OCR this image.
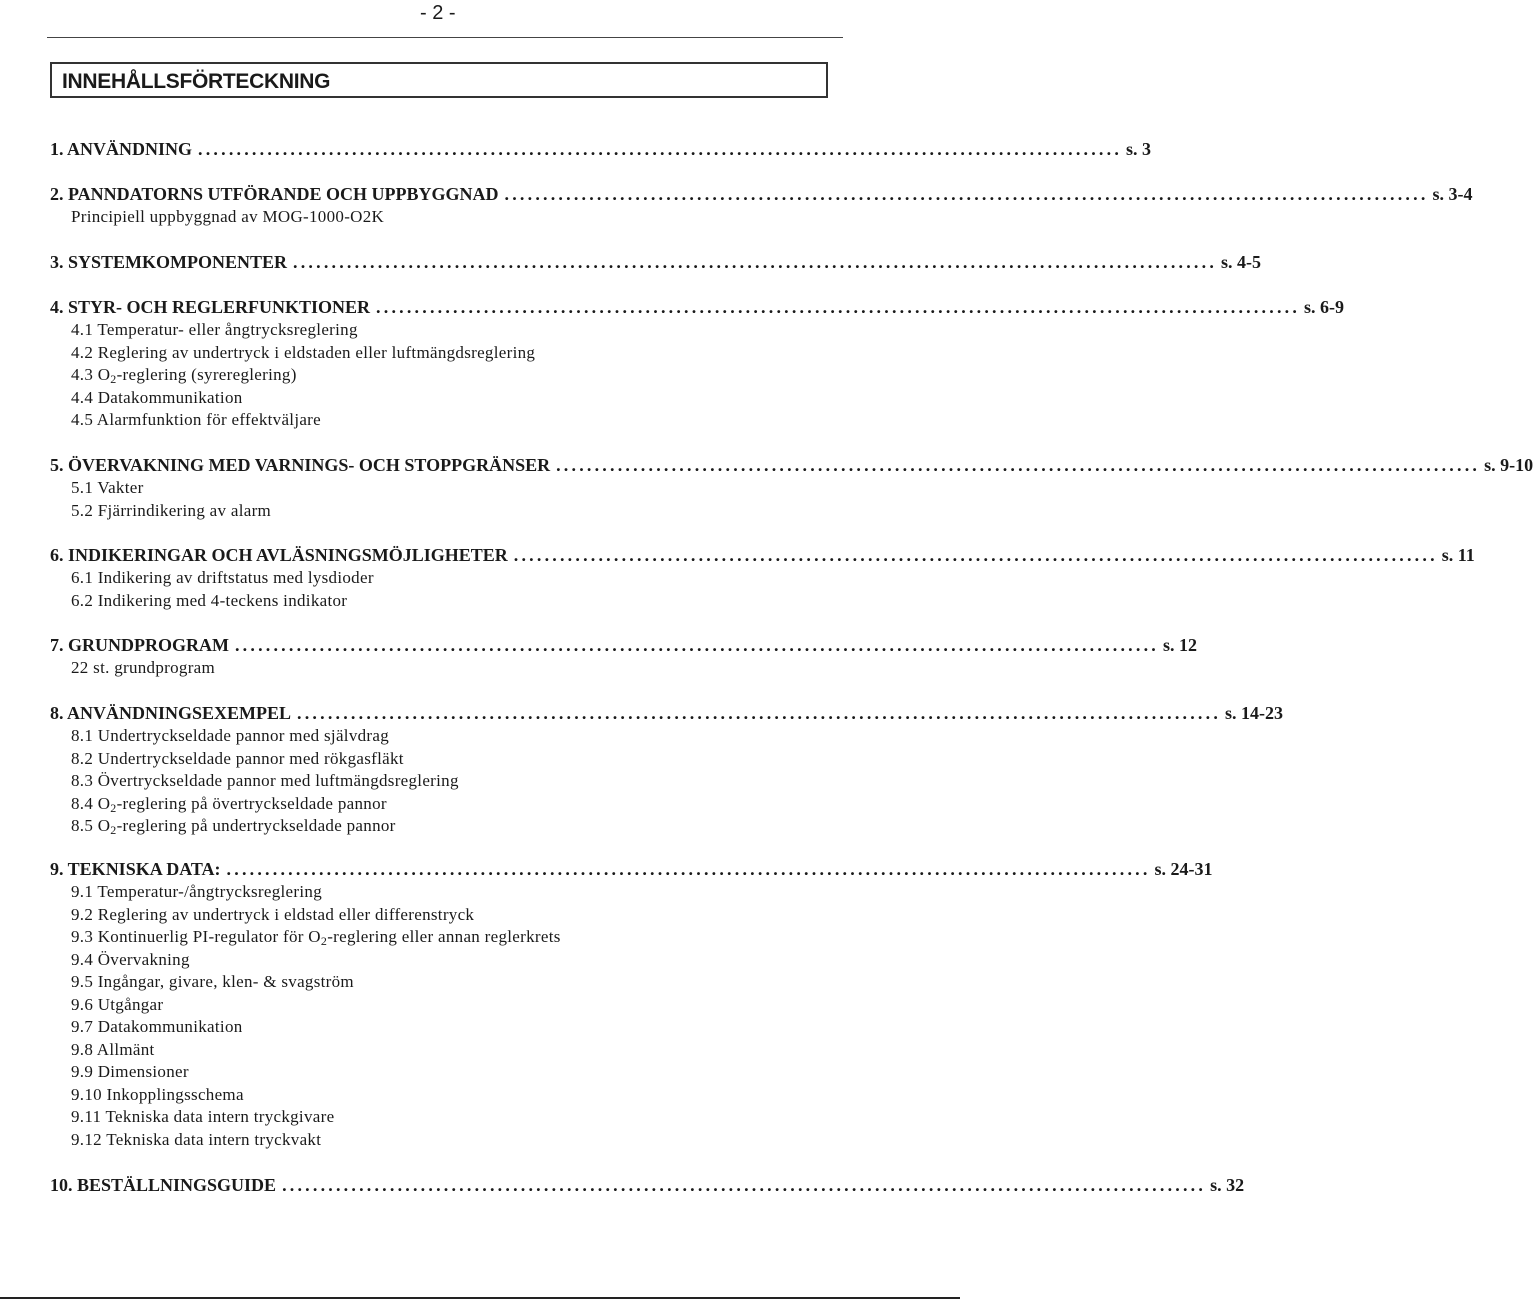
- 2 -
INNEHÅLLSFÖRTECKNING
1. ANVÄNDNING ........................................................................................................................ s. 3
2. PANNDATORNS UTFÖRANDE OCH UPPBYGGNAD ........................................................................................................................ s. 3-4
Principiell uppbyggnad av MOG-1000-O2K
3. SYSTEMKOMPONENTER ........................................................................................................................ s. 4-5
4. STYR- OCH REGLERFUNKTIONER ........................................................................................................................ s. 6-9
4.1 Temperatur- eller ångtrycksreglering
4.2 Reglering av undertryck i eldstaden eller luftmängdsreglering
4.3 $O_2$-reglering (syrereglering)
4.4 Datakommunikation
4.5 Alarmfunktion för effektväljare
5. ÖVERVAKNING MED VARNINGS- OCH STOPPGRÄNSER ........................................................................................................................ s. 9-10
5.1 Vakter
5.2 Fjärrindikering av alarm
6. INDIKERINGAR OCH AVLÄSNINGSMÖJLIGHETER ........................................................................................................................ s. 11
6.1 Indikering av driftstatus med lysdioder
6.2 Indikering med 4-teckens indikator
7. GRUNDPROGRAM ........................................................................................................................ s. 12
22 st. grundprogram
8. ANVÄNDNINGSEXEMPEL ........................................................................................................................ s. 14-23
8.1 Undertryckseldade pannor med självdrag
8.2 Undertryckseldade pannor med rökgasfläkt
8.3 Övertryckseldade pannor med luftmängdsreglering
8.4 $O_2$-reglering på övertryckseldade pannor
8.5 $O_2$-reglering på undertryckseldade pannor
9. TEKNISKA DATA: ........................................................................................................................ s. 24-31
9.1 Temperatur-/ångtrycksreglering
9.2 Reglering av undertryck i eldstad eller differenstryck
9.3 Kontinuerlig PI-regulator för $O_2$-reglering eller annan reglerkrets
9.4 Övervakning
9.5 Ingångar, givare, klen- & svagström
9.6 Utgångar
9.7 Datakommunikation
9.8 Allmänt
9.9 Dimensioner
9.10 Inkopplingsschema
9.11 Tekniska data intern tryckgivare
9.12 Tekniska data intern tryckvakt
10. BESTÄLLNINGSGUIDE ........................................................................................................................ s. 32
